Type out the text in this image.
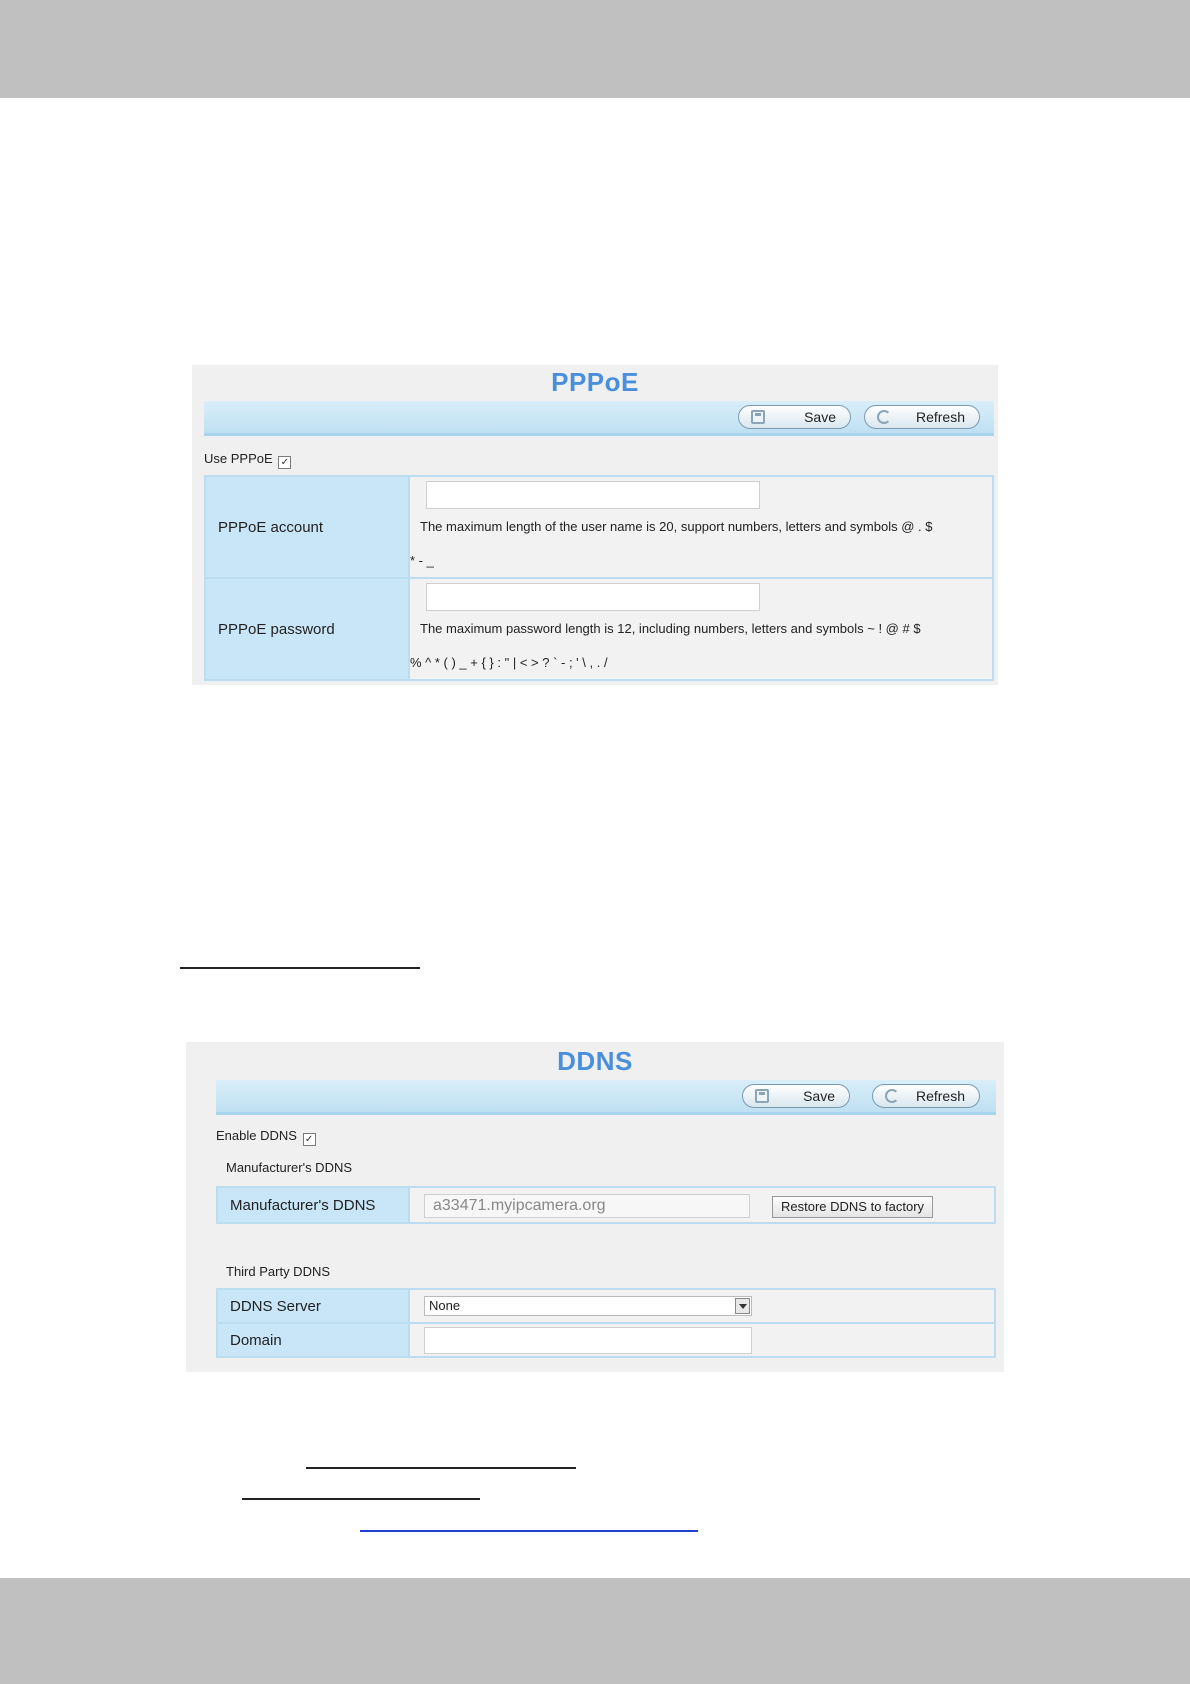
PPPoE
Save	Refresh
Use PPPoE ✓
PPPoE account	The maximum length of the user name is 20, support numbers, letters and symbols @ . $
* - _

PPPoE password	The maximum password length is 12, including numbers, letters and symbols ~ ! @ # $
% ^ * ( ) _ + { } : " | < > ? ` - ; ' \ , . /
DDNS
Save	Refresh
Enable DDNS ✓
Manufacturer's DDNS
Manufacturer's DDNS	a33471.myipcamera.org	Restore DDNS to factory
Third Party DDNS
DDNS Server	None

Domain	
